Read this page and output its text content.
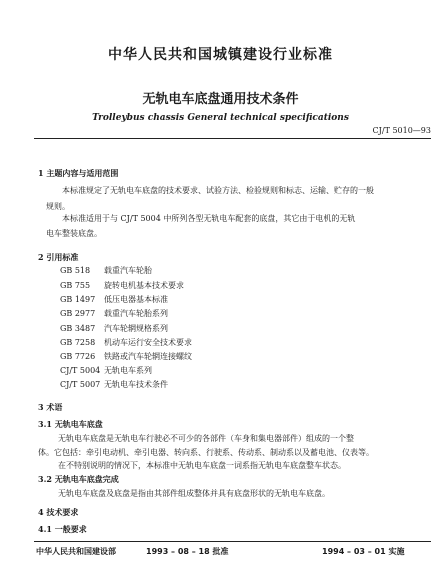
中华人民共和国城镇建设行业标准
无轨电车底盘通用技术条件
Trolleybus chassis General technical specifications
CJ/T 5010—93
1 主题内容与适用范围
本标准规定了无轨电车底盘的技术要求、试验方法、检验规则和标志、运输、贮存的一般
规则。
本标准适用于与 CJ/T 5004 中所列各型无轨电车配套的底盘，其它由于电机的无轨
电车整装底盘。
2 引用标准
GB 518 载重汽车轮胎
GB 755 旋转电机基本技术要求
GB 1497 低压电器基本标准
GB 2977 载重汽车轮胎系列
GB 3487 汽车轮辋规格系列
GB 7258 机动车运行安全技术要求
GB 7726 铁路或汽车轮辋连接螺纹
CJ/T 5004 无轨电车系列
CJ/T 5007 无轨电车技术条件
3 术语
3.1 无轨电车底盘
无轨电车底盘是无轨电车行驶必不可少的各部件（车身和集电器部件）组成的一个整
体。它包括：牵引电动机、牵引电器、转向系、行驶系、传动系、制动系以及蓄电池、仪表等。
在不特别说明的情况下，本标准中无轨电车底盘一词系指无轨电车底盘整车状态。
3.2 无轨电车底盘完成
无轨电车底盘及底盘是指由其部件组成整体并具有底盘形状的无轨电车底盘。
4 技术要求
4.1 一般要求
中华人民共和国建设部	1993 – 08 – 18 批准	1994 – 03 – 01 实施
